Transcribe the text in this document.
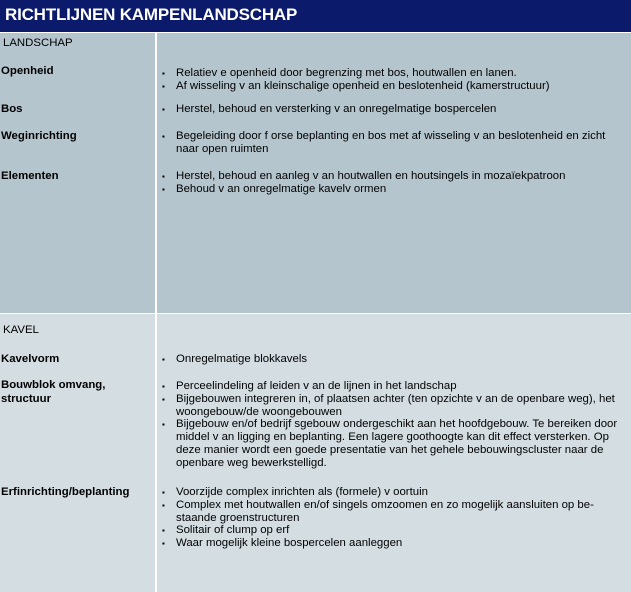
RICHTLIJNEN KAMPENLANDSCHAP
LANDSCHAP
Openheid	▪ Relatiev e openheid door begrenzing met bos, houtwallen en lanen.
▪ Af wisseling v an kleinschalige openheid en beslotenheid (kamerstructuur)
Bos	▪ Herstel, behoud en versterking v an onregelmatige bospercelen
Weginrichting	▪ Begeleiding door f orse beplanting en bos met af wisseling v an beslotenheid en zicht naar open ruimten
Elementen	▪ Herstel, behoud en aanleg v an houtwallen en houtsingels in mozaïekpatroon
▪ Behoud v an onregelmatige kavelv ormen
KAVEL
Kavelvorm	▪ Onregelmatige blokkavels
Bouwblok omvang, structuur
▪ Perceelindeling af leiden v an de lijnen in het landschap
▪ Bijgebouwen integreren in, of plaatsen achter (ten opzichte v an de openbare weg), het woongebouw/de woongebouwen
▪ Bijgebouw en/of bedrijf sgebouw ondergeschikt aan het hoofdgebouw. Te bereiken door middel v an ligging en beplanting. Een lagere goothoogte kan dit effect versterken. Op deze manier wordt een goede presentatie van het gehele bebouwingscluster naar de openbare weg bewerkstelligd.
Erfinrichting/beplanting	▪ Voorzijde complex inrichten als (formele) v oortuin
▪ Complex met houtwallen en/of singels omzoomen en zo mogelijk aansluiten op be-staande groenstructuren
▪ Solitair of clump op erf
▪ Waar mogelijk kleine bospercelen aanleggen
